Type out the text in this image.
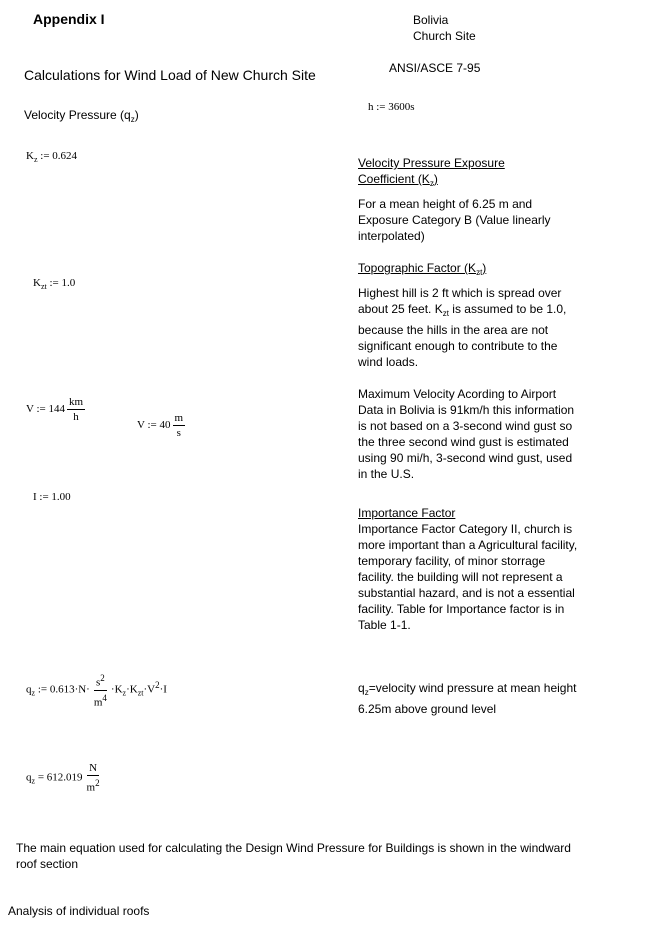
Appendix I	Bolivia
Church Site
ANSI/ASCE 7-95
Calculations for Wind Load of New Church Site
Velocity Pressure $(q_z)$
h := 3600s
$K_z$ := 0.624
$K_{zt}$ := 1.0
V := $144 \frac{km}{h}$
V := $40 \frac{m}{s}$
I := 1.00
$q_z$ := $0.613\cdot N\cdot \frac{s^2}{m^4} \cdot K_z\cdot K_{zt}\cdot V^2\cdot I$
$q_z = 612.019 \frac{N}{m^2}$
Velocity Pressure Exposure
Coefficient $(K_z)$
For a mean height of 6.25 m and Exposure Category B (Value linearly interpolated)
Topographic Factor $(K_{zt})$
Highest hill is 2 ft which is spread over about 25 feet. $K_{zt}$ is assumed to be 1.0, because the hills in the area are not significant enough to contribute to the wind loads.
Maximum Velocity Acording to Airport Data in Bolivia is 91km/h this information is not based on a 3-second wind gust so the three second wind gust is estimated using 90 mi/h, 3-second wind gust, used in the U.S.
Importance Factor
Importance Factor Category II, church is more important than a Agricultural facility, temporary facility, of minor storrage facility. the building will not represent a substantial hazard, and is not a essential facility. Table for Importance factor is in Table 1-1.
$q_z=velocity$ wind pressure at mean height 6.25m above ground level
The main equation used for calculating the Design Wind Pressure for Buildings is shown in the windward roof section
Analysis of individual roofs
